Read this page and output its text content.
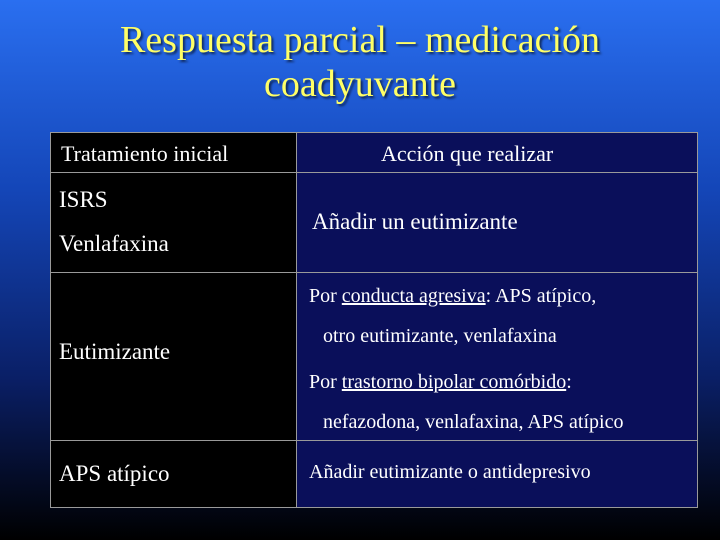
Respuesta parcial – medicación
coadyuvante
Tratamiento inicial	Acción que realizar
ISRS
Venlafaxina
Añadir un eutimizante
Eutimizante
Por conducta agresiva: APS atípico,
otro eutimizante, venlafaxina
Por trastorno bipolar comórbido:
nefazodona, venlafaxina, APS atípico
APS atípico	Añadir eutimizante o antidepresivo
